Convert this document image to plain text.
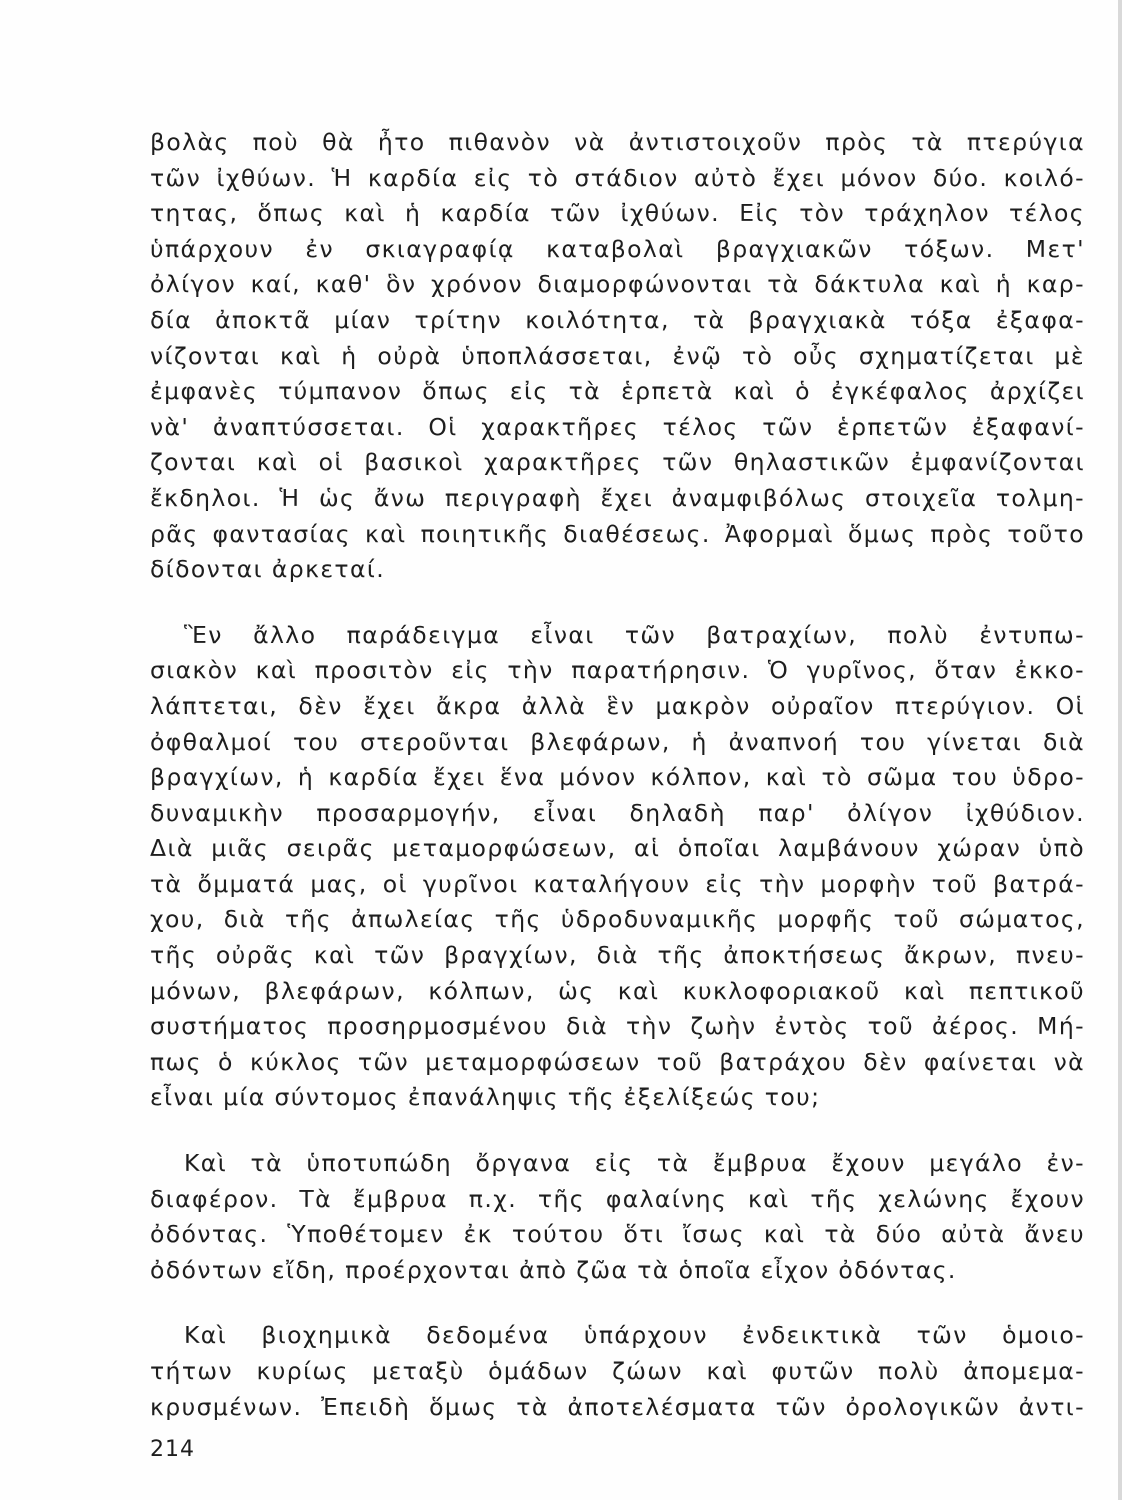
βολὰς ποὺ θὰ ἦτο πιθανὸν νὰ ἀντιστοιχοῦν πρὸς τὰ πτερύγια
τῶν ἰχθύων. Ἡ καρδία εἰς τὸ στάδιον αὐτὸ ἔχει μόνον δύο. κοιλό-
τητας, ὅπως καὶ ἡ καρδία τῶν ἰχθύων. Εἰς τὸν τράχηλον τέλος
ὑπάρχουν ἐν σκιαγραφίᾳ καταβολαὶ βραγχιακῶν τόξων. Μετ'
ὀλίγον καί, καθ' ὃν χρόνον διαμορφώνονται τὰ δάκτυλα καὶ ἡ καρ-
δία ἀποκτᾶ μίαν τρίτην κοιλότητα, τὰ βραγχιακὰ τόξα ἐξαφα-
νίζονται καὶ ἡ οὐρὰ ὑποπλάσσεται, ἐνῷ τὸ οὖς σχηματίζεται μὲ
ἐμφανὲς τύμπανον ὅπως εἰς τὰ ἑρπετὰ καὶ ὁ ἐγκέφαλος ἀρχίζει
νὰ' ἀναπτύσσεται. Οἱ χαρακτῆρες τέλος τῶν ἑρπετῶν ἐξαφανί-
ζονται καὶ οἱ βασικοὶ χαρακτῆρες τῶν θηλαστικῶν ἐμφανίζονται
ἔκδηλοι. Ἡ ὡς ἄνω περιγραφὴ ἔχει ἀναμφιβόλως στοιχεῖα τολμη-
ρᾶς φαντασίας καὶ ποιητικῆς διαθέσεως. Ἀφορμαὶ ὅμως πρὸς τοῦτο
δίδονται ἀρκεταί.
Ἓν ἄλλο παράδειγμα εἶναι τῶν βατραχίων, πολὺ ἐντυπω-
σιακὸν καὶ προσιτὸν εἰς τὴν παρατήρησιν. Ὁ γυρῖνος, ὅταν ἐκκο-
λάπτεται, δὲν ἔχει ἄκρα ἀλλὰ ἓν μακρὸν οὐραῖον πτερύγιον. Οἱ
ὀφθαλμοί του στεροῦνται βλεφάρων, ἡ ἀναπνοή του γίνεται διὰ
βραγχίων, ἡ καρδία ἔχει ἕνα μόνον κόλπον, καὶ τὸ σῶμα του ὑδρο-
δυναμικὴν προσαρμογήν, εἶναι δηλαδὴ παρ' ὀλίγον ἰχθύδιον.
Διὰ μιᾶς σειρᾶς μεταμορφώσεων, αἱ ὁποῖαι λαμβάνουν χώραν ὑπὸ
τὰ ὄμματά μας, οἱ γυρῖνοι καταλήγουν εἰς τὴν μορφὴν τοῦ βατρά-
χου, διὰ τῆς ἀπωλείας τῆς ὑδροδυναμικῆς μορφῆς τοῦ σώματος,
τῆς οὐρᾶς καὶ τῶν βραγχίων, διὰ τῆς ἀποκτήσεως ἄκρων, πνευ-
μόνων, βλεφάρων, κόλπων, ὡς καὶ κυκλοφοριακοῦ καὶ πεπτικοῦ
συστήματος προσηρμοσμένου διὰ τὴν ζωὴν ἐντὸς τοῦ ἀέρος. Μή-
πως ὁ κύκλος τῶν μεταμορφώσεων τοῦ βατράχου δὲν φαίνεται νὰ
εἶναι μία σύντομος ἐπανάληψις τῆς ἐξελίξεώς του;
Καὶ τὰ ὑποτυπώδη ὄργανα εἰς τὰ ἔμβρυα ἔχουν μεγάλο ἐν-
διαφέρον. Τὰ ἔμβρυα π.χ. τῆς φαλαίνης καὶ τῆς χελώνης ἔχουν
ὀδόντας. Ὑποθέτομεν ἐκ τούτου ὅτι ἴσως καὶ τὰ δύο αὐτὰ ἄνευ
ὀδόντων εἴδη, προέρχονται ἀπὸ ζῶα τὰ ὁποῖα εἶχον ὀδόντας.
Καὶ βιοχημικὰ δεδομένα ὑπάρχουν ἐνδεικτικὰ τῶν ὁμοιο-
τήτων κυρίως μεταξὺ ὁμάδων ζώων καὶ φυτῶν πολὺ ἀπομεμα-
κρυσμένων. Ἐπειδὴ ὅμως τὰ ἀποτελέσματα τῶν ὀρολογικῶν ἀντι-
214
